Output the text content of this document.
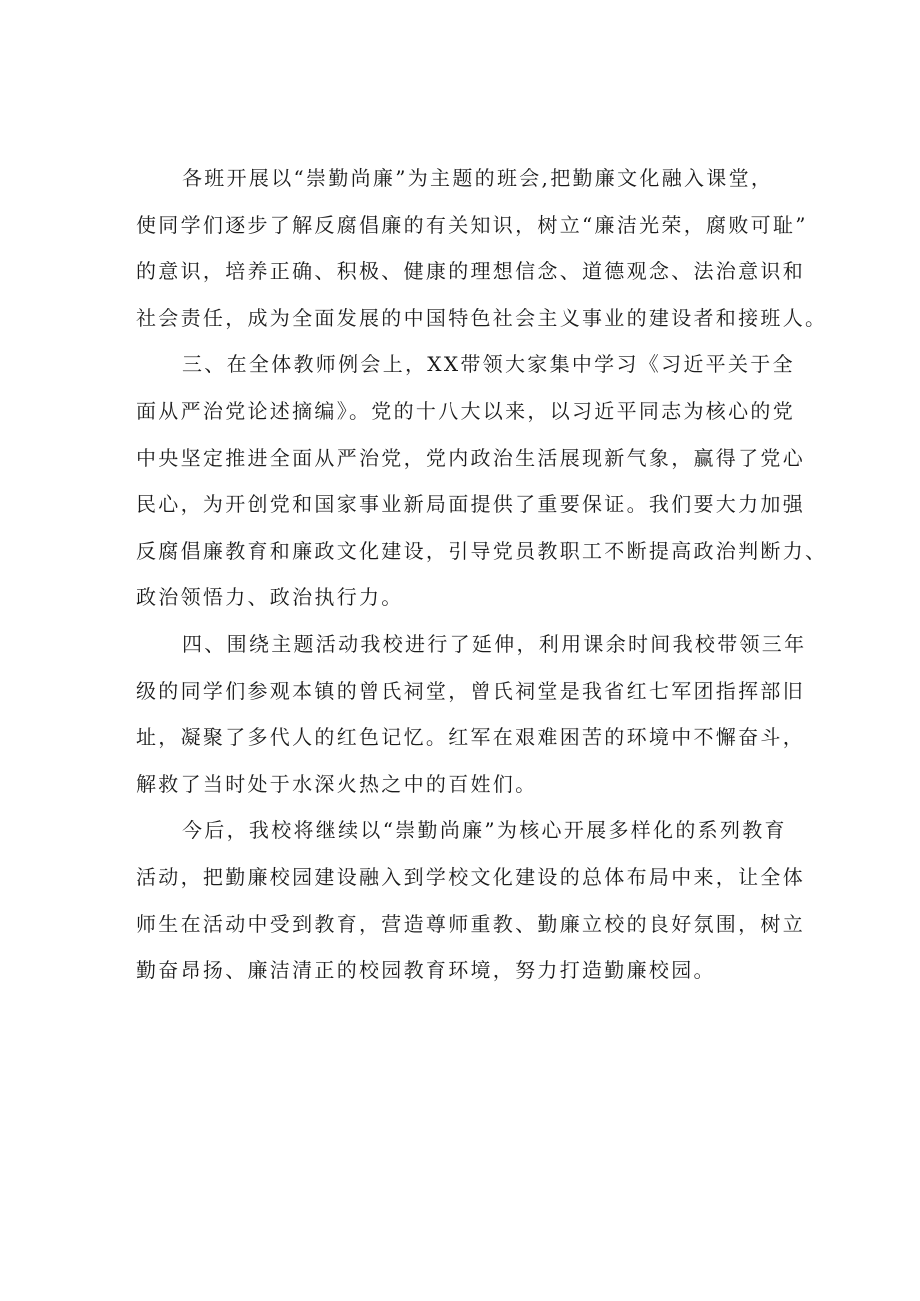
各班开展以“崇勤尚廉”为主题的班会,把勤廉文化融入课堂，
使同学们逐步了解反腐倡廉的有关知识，树立“廉洁光荣，腐败可耻”
的意识，培养正确、积极、健康的理想信念、道德观念、法治意识和
社会责任，成为全面发展的中国特色社会主义事业的建设者和接班人。
三、在全体教师例会上，XX带领大家集中学习《习近平关于全
面从严治党论述摘编》。党的十八大以来，以习近平同志为核心的党
中央坚定推进全面从严治党，党内政治生活展现新气象，赢得了党心
民心，为开创党和国家事业新局面提供了重要保证。我们要大力加强
反腐倡廉教育和廉政文化建设，引导党员教职工不断提高政治判断力、
政治领悟力、政治执行力。
四、围绕主题活动我校进行了延伸，利用课余时间我校带领三年
级的同学们参观本镇的曾氏祠堂，曾氏祠堂是我省红七军团指挥部旧
址，凝聚了多代人的红色记忆。红军在艰难困苦的环境中不懈奋斗，
解救了当时处于水深火热之中的百姓们。
今后，我校将继续以“崇勤尚廉”为核心开展多样化的系列教育
活动，把勤廉校园建设融入到学校文化建设的总体布局中来，让全体
师生在活动中受到教育，营造尊师重教、勤廉立校的良好氛围，树立
勤奋昂扬、廉洁清正的校园教育环境，努力打造勤廉校园。
